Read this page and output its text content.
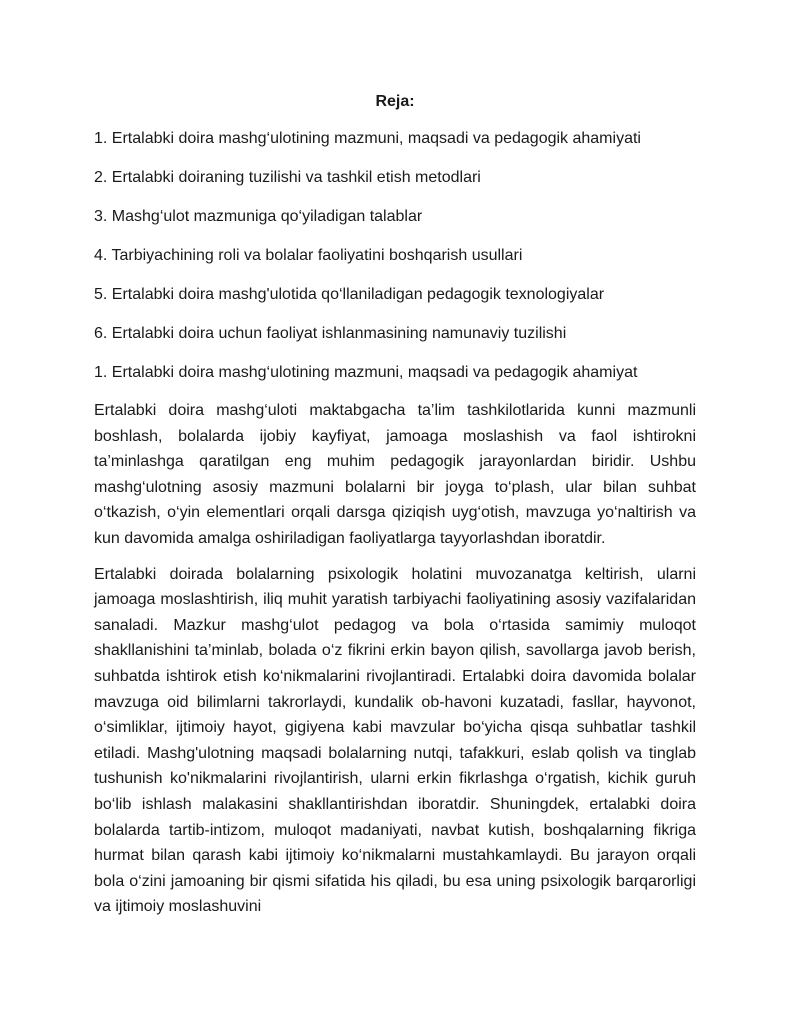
Reja:
1. Ertalabki doira mashg‘ulotining mazmuni, maqsadi va pedagogik ahamiyati
2. Ertalabki doiraning tuzilishi va tashkil etish metodlari
3. Mashg‘ulot mazmuniga qo‘yiladigan talablar
4. Tarbiyachining roli va bolalar faoliyatini boshqarish usullari
5. Ertalabki doira mashg'ulotida qo‘llaniladigan pedagogik texnologiyalar
6. Ertalabki doira uchun faoliyat ishlanmasining namunaviy tuzilishi
1. Ertalabki doira mashg‘ulotining mazmuni, maqsadi va pedagogik ahamiyat

Ertalabki doira mashg‘uloti maktabgacha ta’lim tashkilotlarida kunni mazmunli boshlash, bolalarda ijobiy kayfiyat, jamoaga moslashish va faol ishtirokni ta’minlashga qaratilgan eng muhim pedagogik jarayonlardan biridir. Ushbu mashg‘ulotning asosiy mazmuni bolalarni bir joyga to‘plash, ular bilan suhbat o‘tkazish, o‘yin elementlari orqali darsga qiziqish uyg‘otish, mavzuga yo‘naltirish va kun davomida amalga oshiriladigan faoliyatlarga tayyorlashdan iboratdir.

Ertalabki doirada bolalarning psixologik holatini muvozanatga keltirish, ularni jamoaga moslashtirish, iliq muhit yaratish tarbiyachi faoliyatining asosiy vazifalaridan sanaladi. Mazkur mashg‘ulot pedagog va bola o‘rtasida samimiy muloqot shakllanishini ta’minlab, bolada o‘z fikrini erkin bayon qilish, savollarga javob berish, suhbatda ishtirok etish ko‘nikmalarini rivojlantiradi. Ertalabki doira davomida bolalar mavzuga oid bilimlarni takrorlaydi, kundalik ob-havoni kuzatadi, fasllar, hayvonot, o‘simliklar, ijtimoiy hayot, gigiyena kabi mavzular bo‘yicha qisqa suhbatlar tashkil etiladi. Mashg'ulotning maqsadi bolalarning nutqi, tafakkuri, eslab qolish va tinglab tushunish ko'nikmalarini rivojlantirish, ularni erkin fikrlashga o‘rgatish, kichik guruh bo‘lib ishlash malakasini shakllantirishdan iboratdir. Shuningdek, ertalabki doira bolalarda tartib-intizom, muloqot madaniyati, navbat kutish, boshqalarning fikriga hurmat bilan qarash kabi ijtimoiy ko‘nikmalarni mustahkamlaydi. Bu jarayon orqali bola o‘zini jamoaning bir qismi sifatida his qiladi, bu esa uning psixologik barqarorligi va ijtimoiy moslashuvini
